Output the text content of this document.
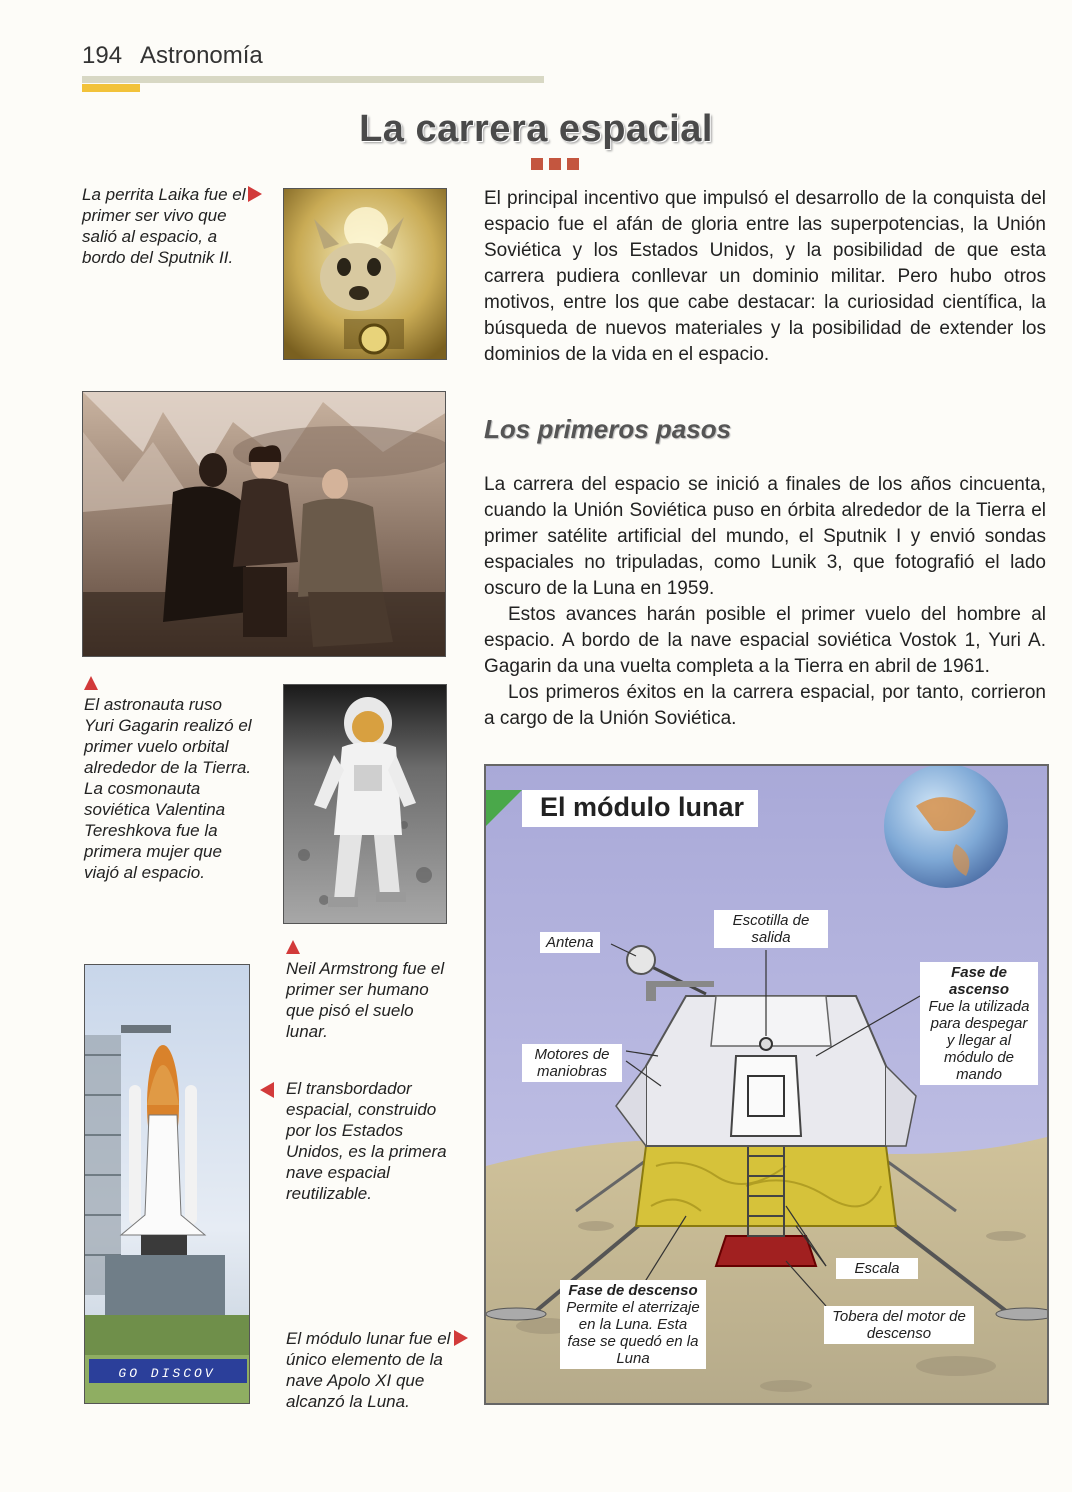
194 Astronomía
La carrera espacial
La perrita Laika fue el primer ser vivo que salió al espacio, a bordo del Sputnik II.
El principal incentivo que impulsó el desarrollo de la conquista del espacio fue el afán de gloria entre las superpotencias, la Unión Soviética y los Estados Unidos, y la posibilidad de que esta carrera pudiera conllevar un dominio militar. Pero hubo otros motivos, entre los que cabe destacar: la curiosidad científica, la búsqueda de nuevos materiales y la posibilidad de extender los dominios de la vida en el espacio.
Los primeros pasos

La carrera del espacio se inició a finales de los años cincuenta, cuando la Unión Soviética puso en órbita alrededor de la Tierra el primer satélite artificial del mundo, el Sputnik I y envió sondas espaciales no tripuladas, como Lunik 3, que fotografió el lado oscuro de la Luna en 1959.

Estos avances harán posible el primer vuelo del hombre al espacio. A bordo de la nave espacial soviética Vostok 1, Yuri A. Gagarin da una vuelta completa a la Tierra en abril de 1961.

Los primeros éxitos en la carrera espacial, por tanto, corrieron a cargo de la Unión Soviética.

El astronauta ruso Yuri Gagarin realizó el primer vuelo orbital alrededor de la Tierra. La cosmonauta soviética Valentina Tereshkova fue la primera mujer que viajó al espacio.
Neil Armstrong fue el primer ser humano que pisó el suelo lunar.
GO DISCOV
El transbordador espacial, construido por los Estados Unidos, es la primera nave espacial reutilizable.
El módulo lunar fue el único elemento de la nave Apolo XI que alcanzó la Luna.
El módulo lunar
Antena
Escotilla de salida
Motores de maniobras
Fase de ascenso
Fue la utilizada para despegar y llegar al módulo de mando
Escala
Fase de descenso
Permite el aterrizaje en la Luna. Esta fase se quedó en la Luna
Tobera del motor de descenso
